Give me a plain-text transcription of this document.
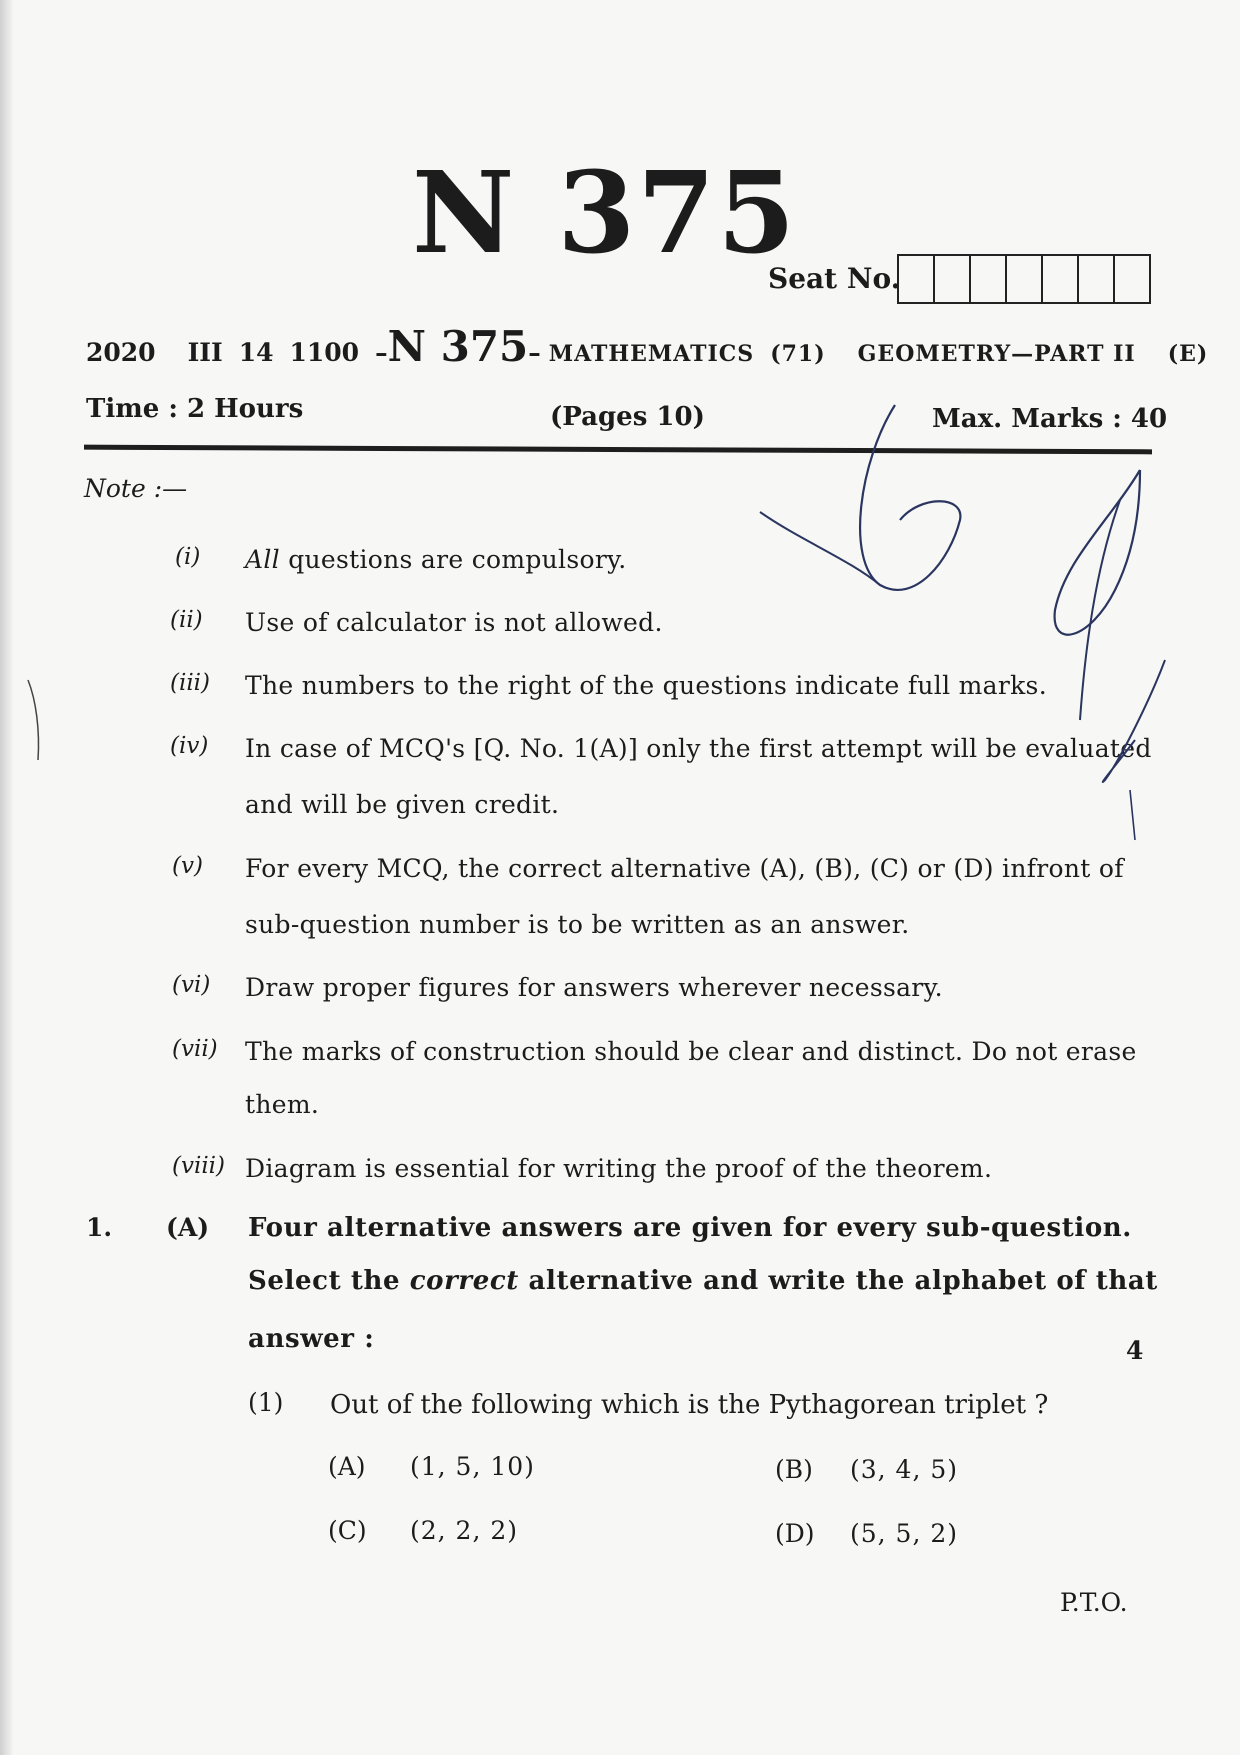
N 375
Seat No.
2020 III 14 1100 – N 375 – MATHEMATICS (71) GEOMETRY—PART II (E)
Time : 2 Hours	(Pages 10)	Max. Marks : 40
Note :—
(i) All questions are compulsory.
(ii) Use of calculator is not allowed.
(iii) The numbers to the right of the questions indicate full marks.
(iv) In case of MCQ's [Q. No. 1(A)] only the first attempt will be evaluated
and will be given credit.
(v) For every MCQ, the correct alternative (A), (B), (C) or (D) infront of
sub-question number is to be written as an answer.
(vi) Draw proper figures for answers wherever necessary.
(vii) The marks of construction should be clear and distinct. Do not erase
them.
(viii) Diagram is essential for writing the proof of the theorem.
1. (A) Four alternative answers are given for every sub-question.
Select the correct alternative and write the alphabet of that
answer :	4
(1) Out of the following which is the Pythagorean triplet ?
(A) (1, 5, 10)	(B) (3, 4, 5)
(C) (2, 2, 2)	(D) (5, 5, 2)
P.T.O.
